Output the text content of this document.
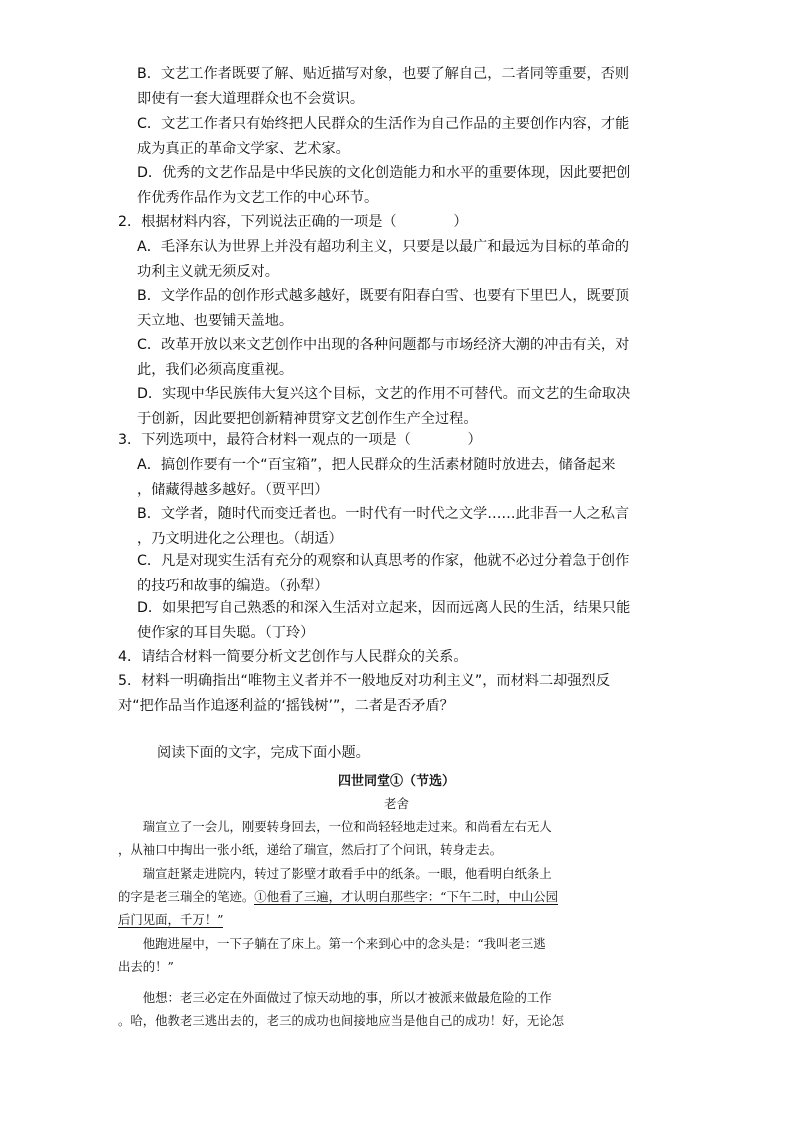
B．文艺工作者既要了解、贴近描写对象，也要了解自己，二者同等重要，否则
即使有一套大道理群众也不会赏识。
C．文艺工作者只有始终把人民群众的生活作为自己作品的主要创作内容，才能
成为真正的革命文学家、艺术家。
D．优秀的文艺作品是中华民族的文化创造能力和水平的重要体现，因此要把创
作优秀作品作为文艺工作的中心环节。
2．根据材料内容，下列说法正确的一项是（　　　　）
A．毛泽东认为世界上并没有超功利主义，只要是以最广和最远为目标的革命的
功利主义就无须反对。
B．文学作品的创作形式越多越好，既要有阳春白雪、也要有下里巴人，既要顶
天立地、也要铺天盖地。
C．改革开放以来文艺创作中出现的各种问题都与市场经济大潮的冲击有关，对
此，我们必须高度重视。
D．实现中华民族伟大复兴这个目标，文艺的作用不可替代。而文艺的生命取决
于创新，因此要把创新精神贯穿文艺创作生产全过程。
3．下列选项中，最符合材料一观点的一项是（　　　　）
A．搞创作要有一个“百宝箱”，把人民群众的生活素材随时放进去，储备起来
，储藏得越多越好。（贾平凹）
B．文学者，随时代而变迁者也。一时代有一时代之文学……此非吾一人之私言
，乃文明进化之公理也。（胡适）
C．凡是对现实生活有充分的观察和认真思考的作家，他就不必过分着急于创作
的技巧和故事的编造。（孙犁）
D．如果把写自己熟悉的和深入生活对立起来，因而远离人民的生活，结果只能
使作家的耳目失聪。（丁玲）
4．请结合材料一简要分析文艺创作与人民群众的关系。
5．材料一明确指出“唯物主义者并不一般地反对功利主义”，而材料二却强烈反
对“把作品当作追逐利益的‘摇钱树’”，二者是否矛盾？
阅读下面的文字，完成下面小题。
四世同堂①（节选）
老舍
　　瑞宣立了一会儿，刚要转身回去，一位和尚轻轻地走过来。和尚看左右无人
，从袖口中掏出一张小纸，递给了瑞宣，然后打了个问讯，转身走去。
　　瑞宣赶紧走进院内，转过了影壁才敢看手中的纸条。一眼，他看明白纸条上
的字是老三瑞全的笔迹。①他看了三遍，才认明白那些字：“下午二时，中山公园
后门见面，千万！”
　　他跑进屋中，一下子躺在了床上。第一个来到心中的念头是：“我叫老三逃
出去的！”
　　他想：老三必定在外面做过了惊天动地的事，所以才被派来做最危险的工作
。哈，他教老三逃出去的，老三的成功也间接地应当是他自己的成功！好，无论怎
